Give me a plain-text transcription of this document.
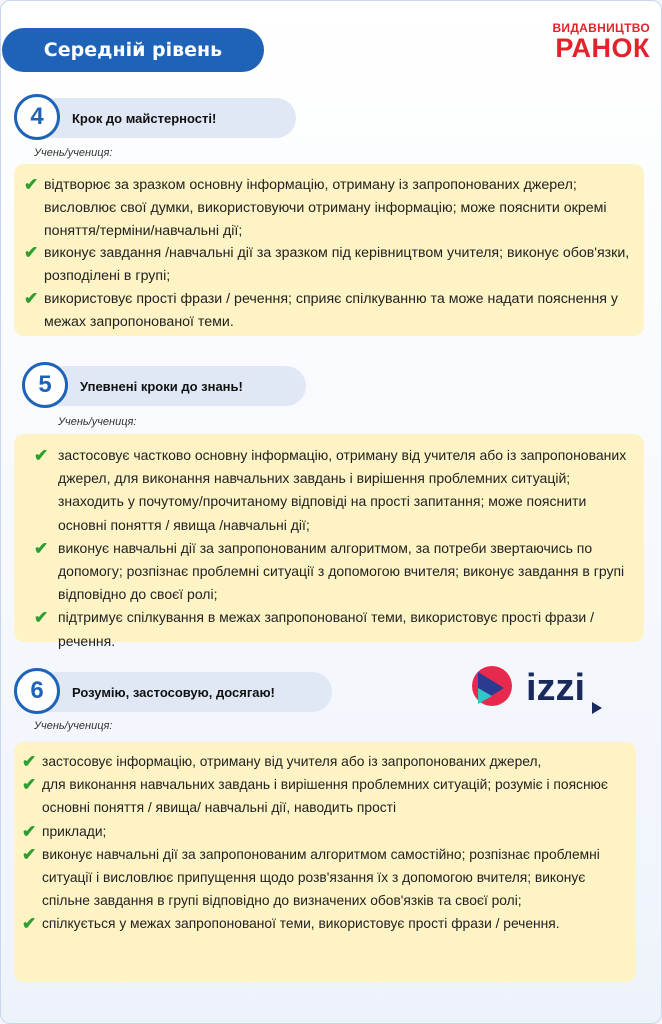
Середній рівень
ВИДАВНИЦТВО
РАНОК
Крок до майстерності!
4
Учень/учениця:
✔ відтворює за зразком основну інформацію, отриману із запропонованих джерел; висловлює свої думки, використовуючи отриману інформацію; може пояснити окремі поняття/терміни/навчальні дії;
✔ виконує завдання /навчальні дії за зразком під керівництвом учителя; виконує обов'язки, розподілені в групі;
✔ використовує прості фрази / речення; сприяє спілкуванню та може надати пояснення у межах запропонованої теми.
Упевнені кроки до знань!
5
Учень/учениця:
✔ застосовує частково основну інформацію, отриману від учителя або із запропонованих джерел, для виконання навчальних завдань і вирішення проблемних ситуацій; знаходить у почутому/прочитаному відповіді на прості запитання; може пояснити основні поняття / явища /навчальні дії;
✔ виконує навчальні дії за запропонованим алгоритмом, за потреби звертаючись по допомогу; розпізнає проблемні ситуації з допомогою вчителя; виконує завдання в групі відповідно до своєї ролі;
✔ підтримує спілкування в межах запропонованої теми, використовує прості фрази / речення.
Розумію, застосовую, досягаю!
6
Учень/учениця:
izzi
✔ застосовує інформацію, отриману від учителя або із запропонованих джерел,
✔ для виконання навчальних завдань і вирішення проблемних ситуацій; розуміє і пояснює основні поняття / явища/ навчальні дії, наводить прості
✔ приклади;
✔ виконує навчальні дії за запропонованим алгоритмом самостійно; розпізнає проблемні ситуації і висловлює припущення щодо розв'язання їх з допомогою вчителя; виконує спільне завдання в групі відповідно до визначених обов'язків та своєї ролі;
✔ спілкується у межах запропонованої теми, використовує прості фрази / речення.
